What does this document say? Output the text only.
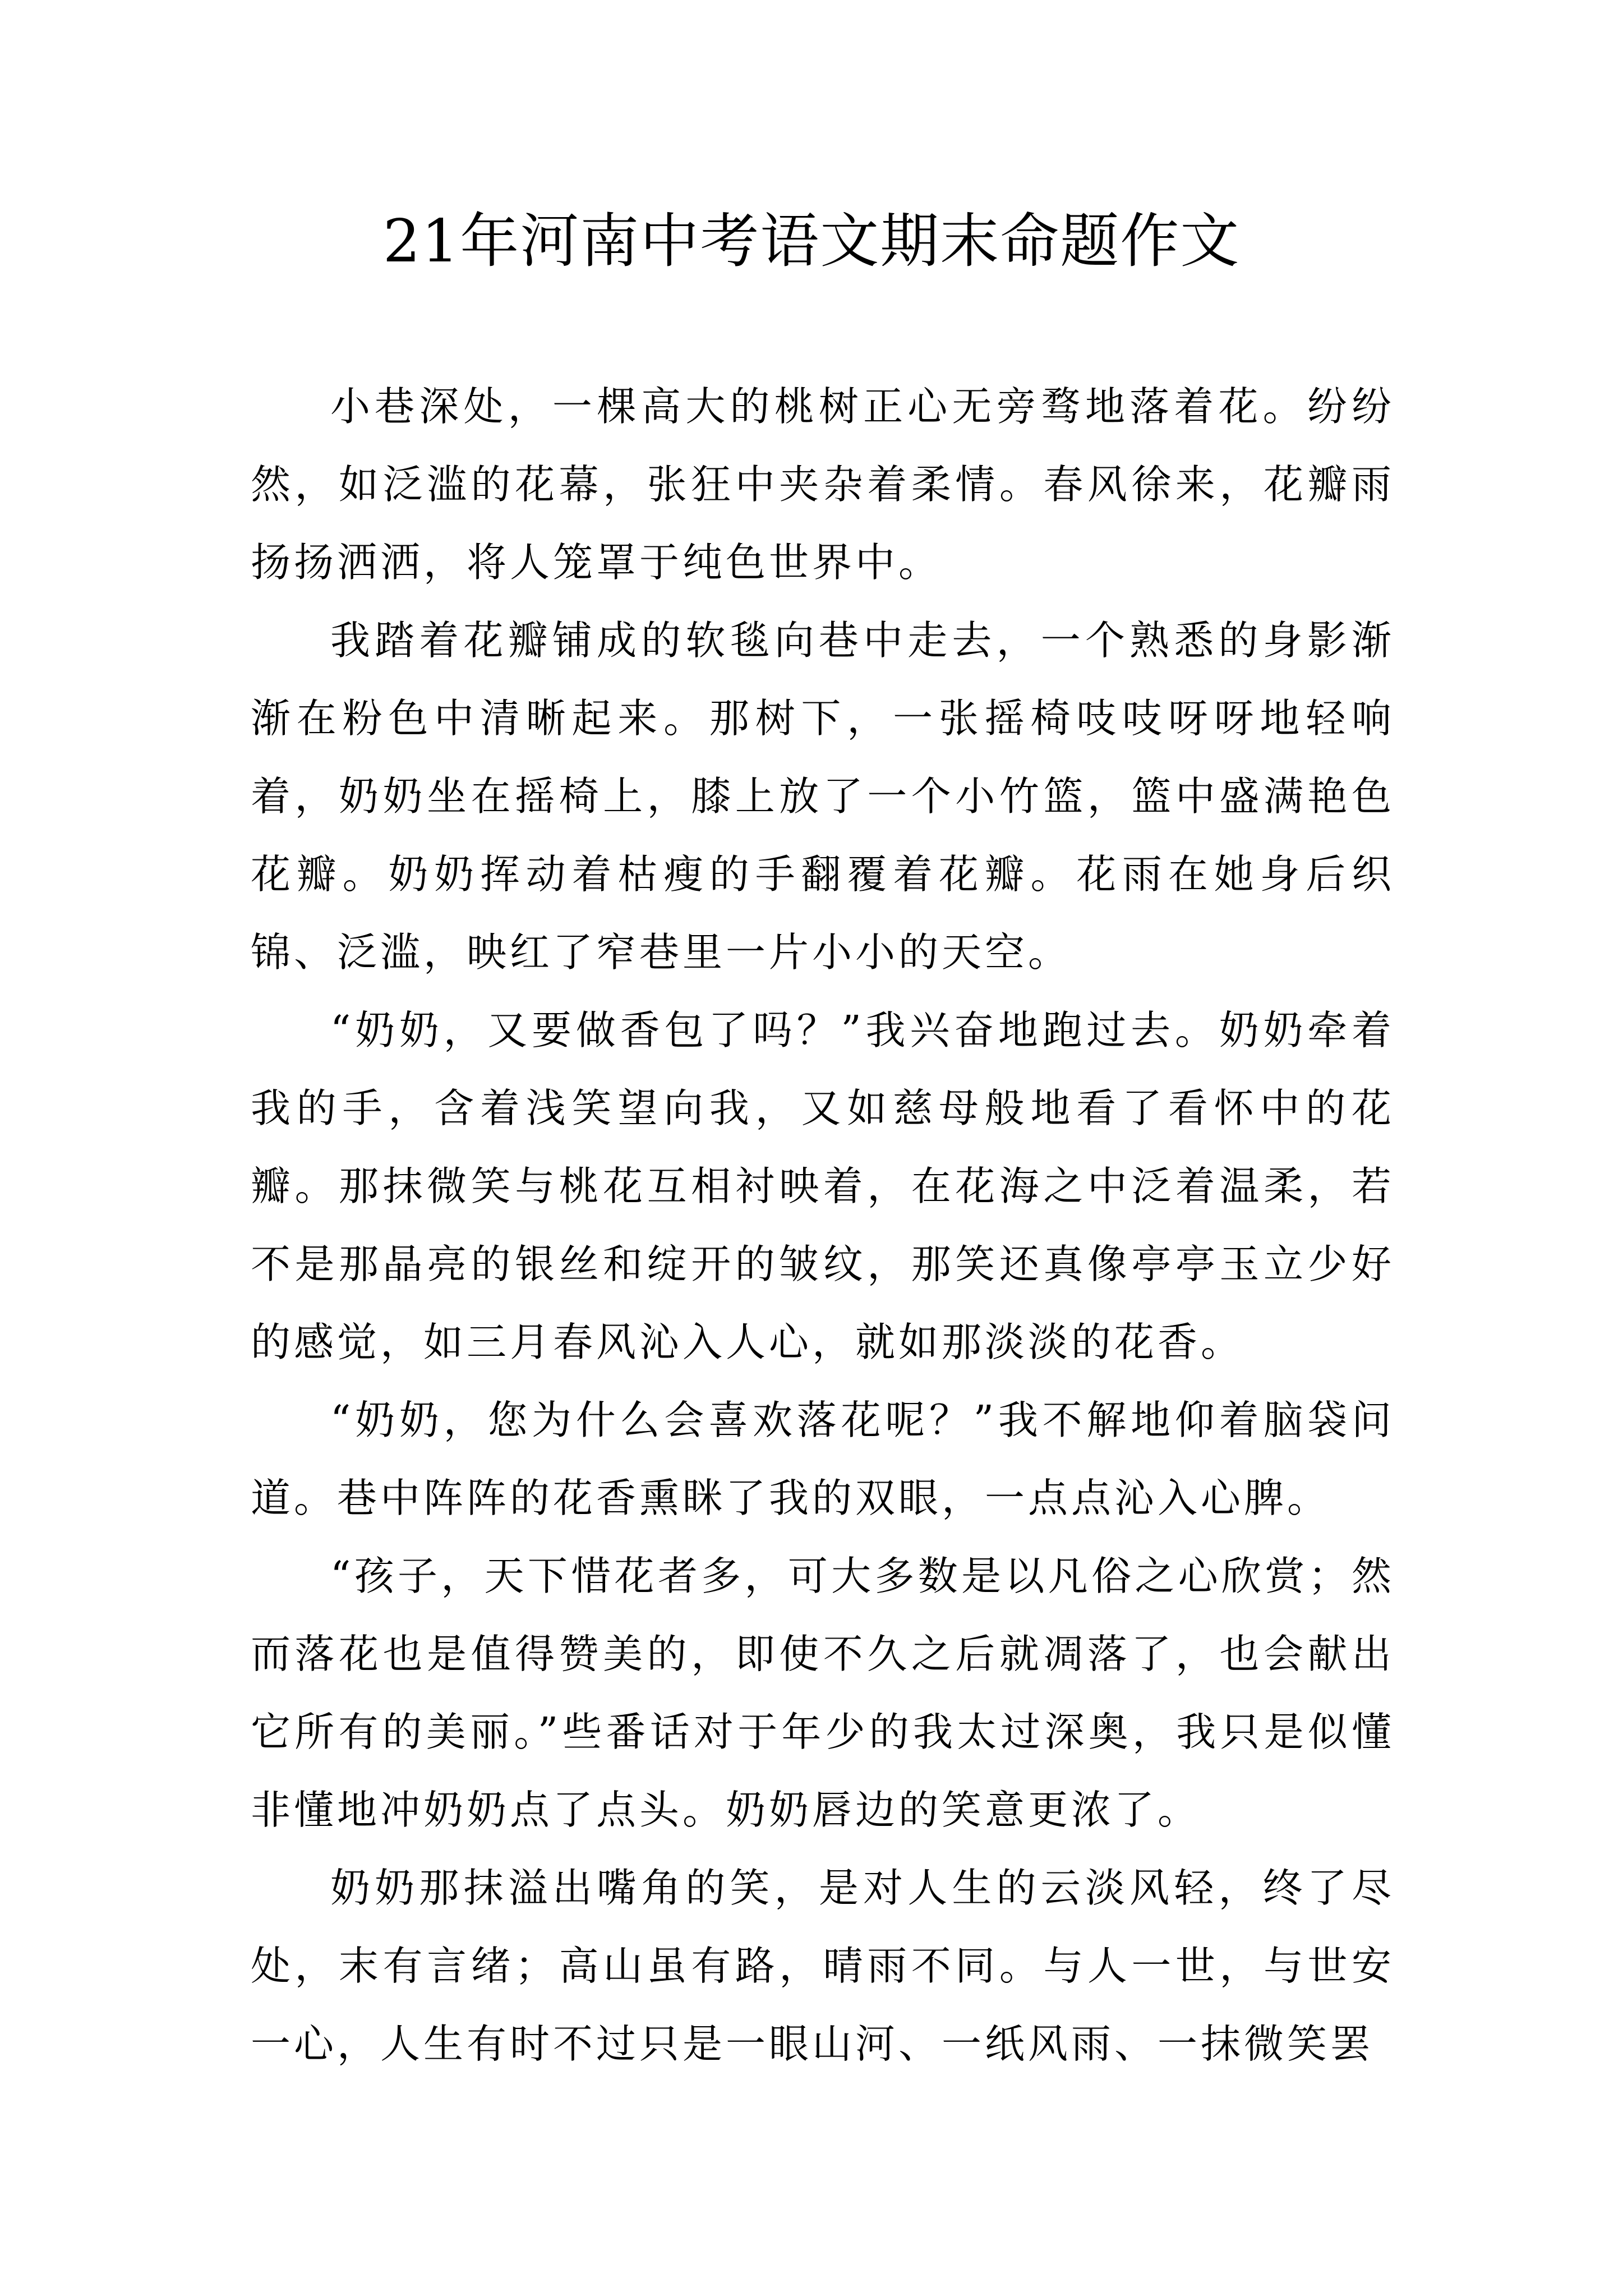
21年河南中考语文期末命题作文

小巷深处，一棵高大的桃树正心无旁骛地落着花。纷纷然，如泛滥的花幕，张狂中夹杂着柔情。春风徐来，花瓣雨扬扬洒洒，将人笼罩于纯色世界中。

我踏着花瓣铺成的软毯向巷中走去，一个熟悉的身影渐渐在粉色中清晰起来。那树下，一张摇椅吱吱呀呀地轻响着，奶奶坐在摇椅上，膝上放了一个小竹篮，篮中盛满艳色花瓣。奶奶挥动着枯瘦的手翻覆着花瓣。花雨在她身后织锦、泛滥，映红了窄巷里一片小小的天空。

“奶奶，又要做香包了吗？”我兴奋地跑过去。奶奶牵着我的手，含着浅笑望向我，又如慈母般地看了看怀中的花瓣。那抹微笑与桃花互相衬映着，在花海之中泛着温柔，若不是那晶亮的银丝和绽开的皱纹，那笑还真像亭亭玉立少好的感觉，如三月春风沁入人心，就如那淡淡的花香。

“奶奶，您为什么会喜欢落花呢？”我不解地仰着脑袋问道。巷中阵阵的花香熏眯了我的双眼，一点点沁入心脾。

“孩子，天下惜花者多，可大多数是以凡俗之心欣赏；然而落花也是值得赞美的，即使不久之后就凋落了，也会献出它所有的美丽。”些番话对于年少的我太过深奥，我只是似懂非懂地冲奶奶点了点头。奶奶唇边的笑意更浓了。

奶奶那抹溢出嘴角的笑，是对人生的云淡风轻，终了尽处，末有言绪；高山虽有路，晴雨不同。与人一世，与世安一心，人生有时不过只是一眼山河、一纸风雨、一抹微笑罢
